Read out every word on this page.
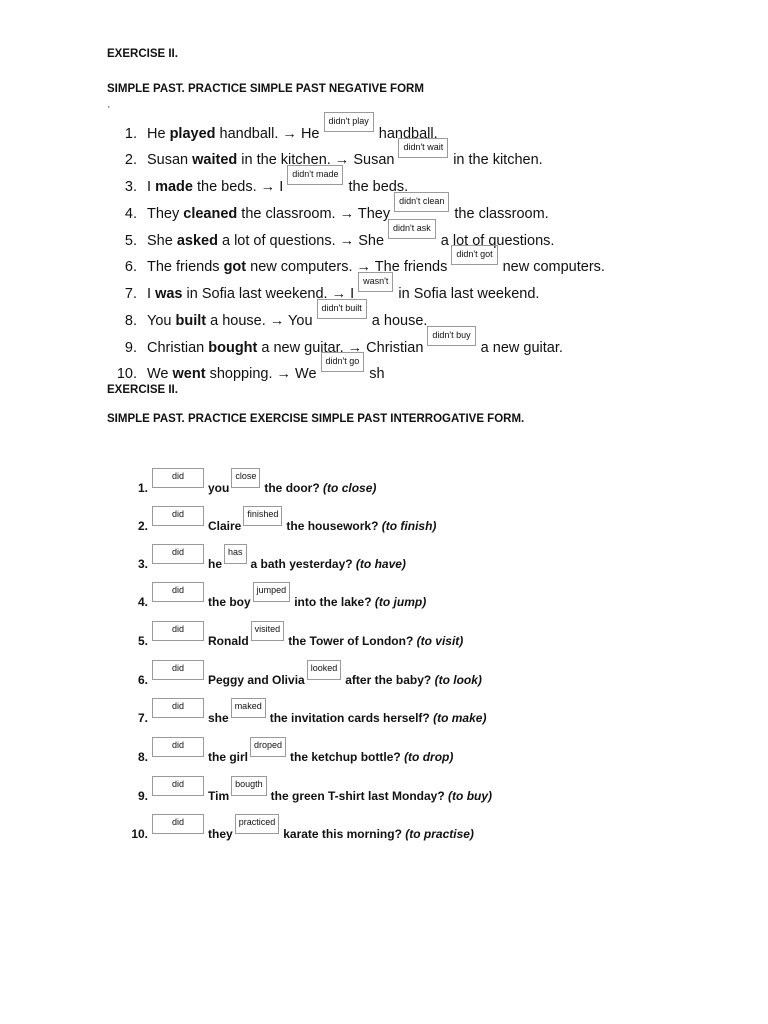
EXERCISE II.
SIMPLE PAST. PRACTICE SIMPLE PAST NEGATIVE FORM
·
1. He played handball. → Hedidn't playhandball.
2. Susan waited in the kitchen. → Susandidn't waitin the kitchen.
3. I made the beds. → Ididn't madethe beds.
4. They cleaned the classroom. → Theydidn't cleanthe classroom.
5. She asked a lot of questions. → Shedidn't aska lot of questions.
6. The friends got new computers. → The friendsdidn't gotnew computers.
7. I was in Sofia last weekend. → Iwasn'tin Sofia last weekend.
8. You built a house. → Youdidn't builta house.
9. Christian bought a new guitar. → Christiandidn't buya new guitar.
10. We went shopping. → Wedidn't gosh
EXERCISE II.
SIMPLE PAST. PRACTICE EXERCISE SIMPLE PAST INTERROGATIVE FORM.
1.didyouclosethe door? (to close)
2.didClairefinishedthe housework? (to finish)
3.didhehasa bath yesterday? (to have)
4.didthe boyjumpedinto the lake? (to jump)
5.didRonaldvisitedthe Tower of London? (to visit)
6.didPeggy and Olivialookedafter the baby? (to look)
7.didshemakedthe invitation cards herself? (to make)
8.didthe girldropedthe ketchup bottle? (to drop)
9.didTimbougththe green T-shirt last Monday? (to buy)
10.didtheypracticedkarate this morning? (to practise)
